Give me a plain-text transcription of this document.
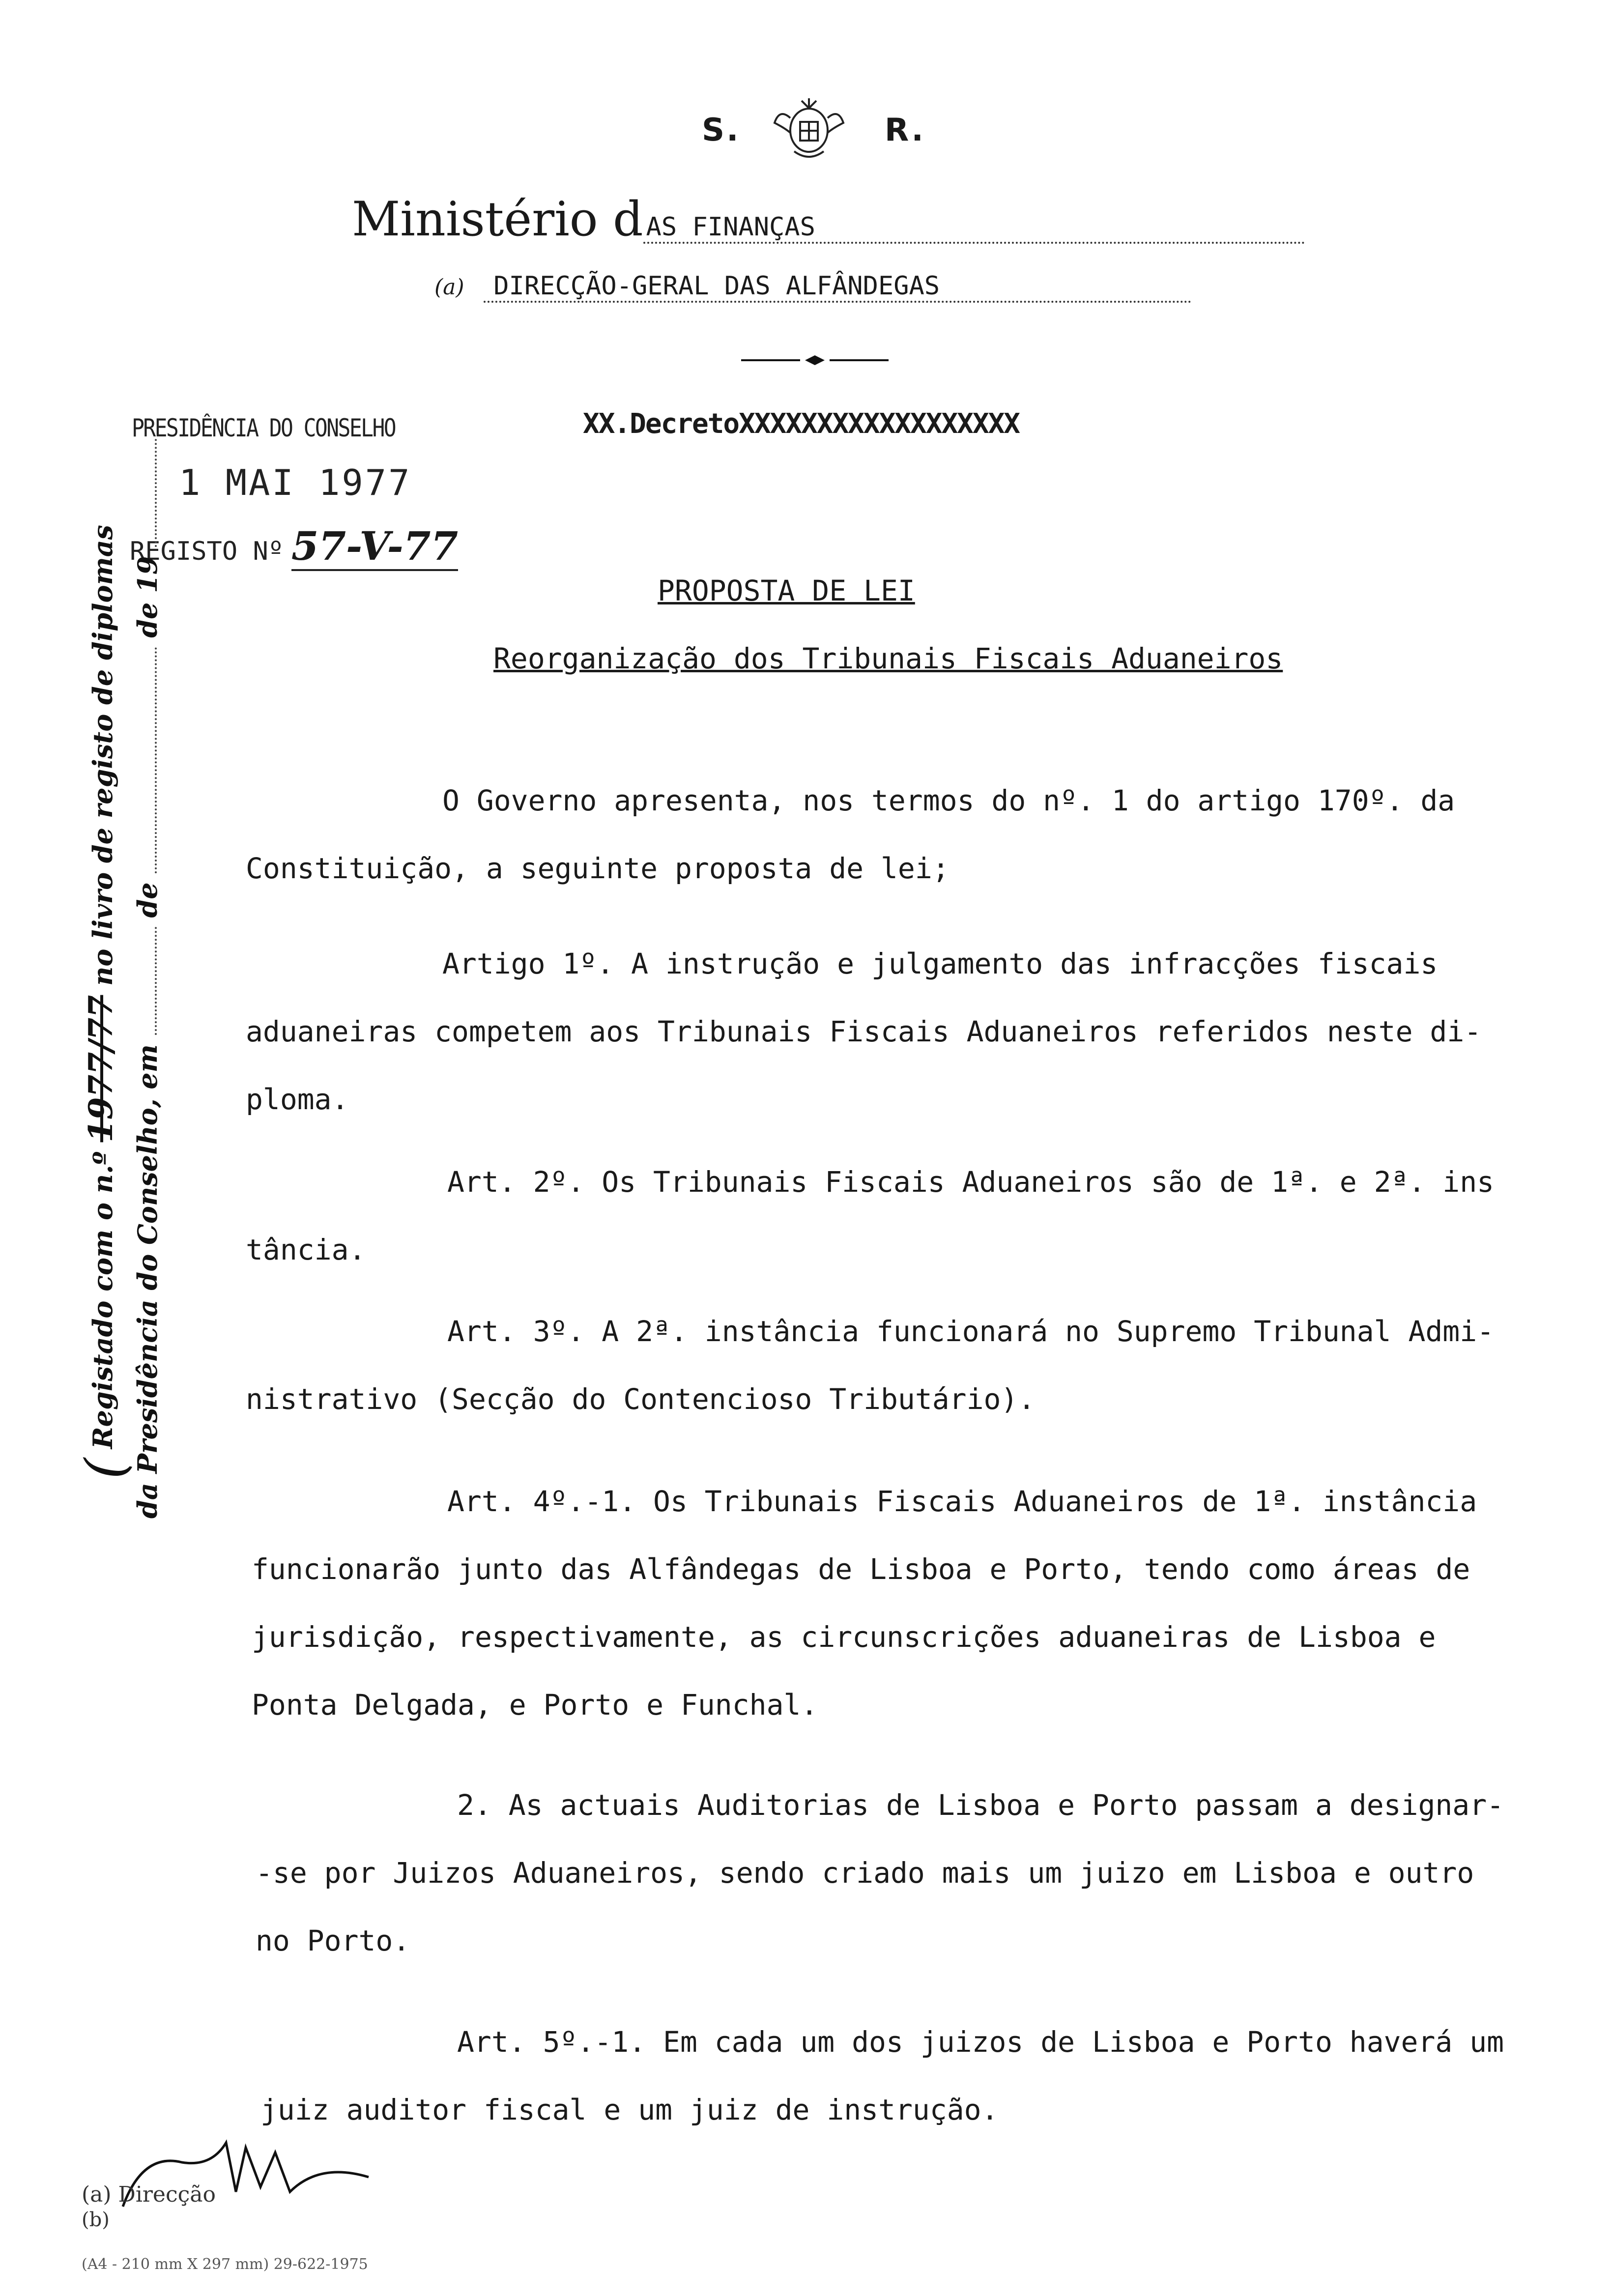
S.	R.
Ministério d AS FINANÇAS
(a) DIRECÇÃO-GERAL DAS ALFÂNDEGAS
XX.DecretoXXXXXXXXXXXXXXXXXX
PRESIDÊNCIA DO CONSELHO
1 MAI 1977
REGISTO Nº 57-V-77
( Registado com o n.º 1977/77 no livro de registo de diplomas
da Presidência do Conselho, em  de  de 19	PROPOSTA DE LEI
Reorganização dos Tribunais Fiscais Aduaneiros
O Governo apresenta, nos termos do nº. 1 do artigo 170º. da
Constituição, a seguinte proposta de lei;
Artigo 1º. A instrução e julgamento das infracções fiscais
aduaneiras competem aos Tribunais Fiscais Aduaneiros referidos neste di-
ploma.
Art. 2º. Os Tribunais Fiscais Aduaneiros são de 1ª. e 2ª. ins
tância.
Art. 3º. A 2ª. instância funcionará no Supremo Tribunal Admi-
nistrativo (Secção do Contencioso Tributário).
Art. 4º.-1. Os Tribunais Fiscais Aduaneiros de 1ª. instância
funcionarão junto das Alfândegas de Lisboa e Porto, tendo como áreas de
jurisdição, respectivamente, as circunscrições aduaneiras de Lisboa e
Ponta Delgada, e Porto e Funchal.
2. As actuais Auditorias de Lisboa e Porto passam a designar-
-se por Juizos Aduaneiros, sendo criado mais um juizo em Lisboa e outro
no Porto.
Art. 5º.-1. Em cada um dos juizos de Lisboa e Porto haverá um
juiz auditor fiscal e um juiz de instrução.
(a) Direcção
(b)
(A4 - 210 mm X 297 mm) 29-622-1975
